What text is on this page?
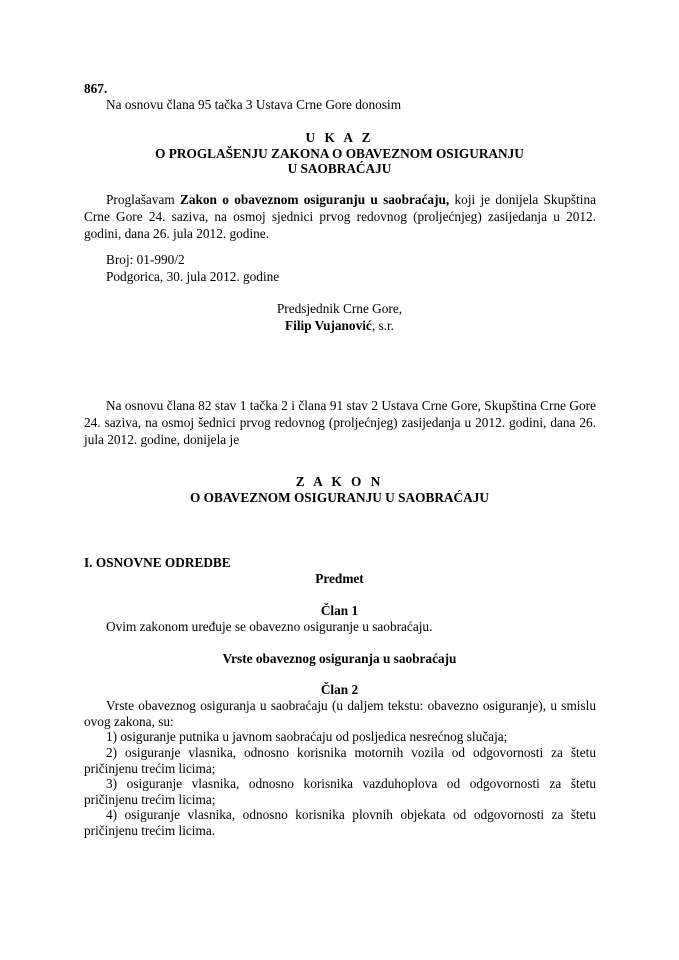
867.
Na osnovu člana 95 tačka 3 Ustava Crne Gore donosim
U K A Z
O PROGLAŠENJU ZAKONA O OBAVEZNOM OSIGURANJU
U SAOBRAĆAJU
Proglašavam Zakon o obaveznom osiguranju u saobraćaju, koji je donijela Skupština Crne Gore 24. saziva, na osmoj sjednici prvog redovnog (proljećnjeg) zasijedanja u 2012. godini, dana 26. jula 2012. godine.
Broj: 01-990/2
Podgorica, 30. jula 2012. godine
Predsjednik Crne Gore,
Filip Vujanović, s.r.
Na osnovu člana 82 stav 1 tačka 2 i člana 91 stav 2 Ustava Crne Gore, Skupština Crne Gore 24. saziva, na osmoj šednici prvog redovnog (proljećnjeg) zasijedanja u 2012. godini, dana 26. jula 2012. godine, donijela je
Z A K O N
O OBAVEZNOM OSIGURANJU U SAOBRAĆAJU
I. OSNOVNE ODREDBE
Predmet
Član 1
Ovim zakonom uređuje se obavezno osiguranje u saobraćaju.
Vrste obaveznog osiguranja u saobraćaju
Član 2
Vrste obaveznog osiguranja u saobraćaju (u daljem tekstu: obavezno osiguranje), u smislu ovog zakona, su:
1) osiguranje putnika u javnom saobraćaju od posljedica nesrećnog slučaja;
2) osiguranje vlasnika, odnosno korisnika motornih vozila od odgovornosti za štetu pričinjenu trećim licima;
3) osiguranje vlasnika, odnosno korisnika vazduhoplova od odgovornosti za štetu pričinjenu trećim licima;
4) osiguranje vlasnika, odnosno korisnika plovnih objekata od odgovornosti za štetu pričinjenu trećim licima.
